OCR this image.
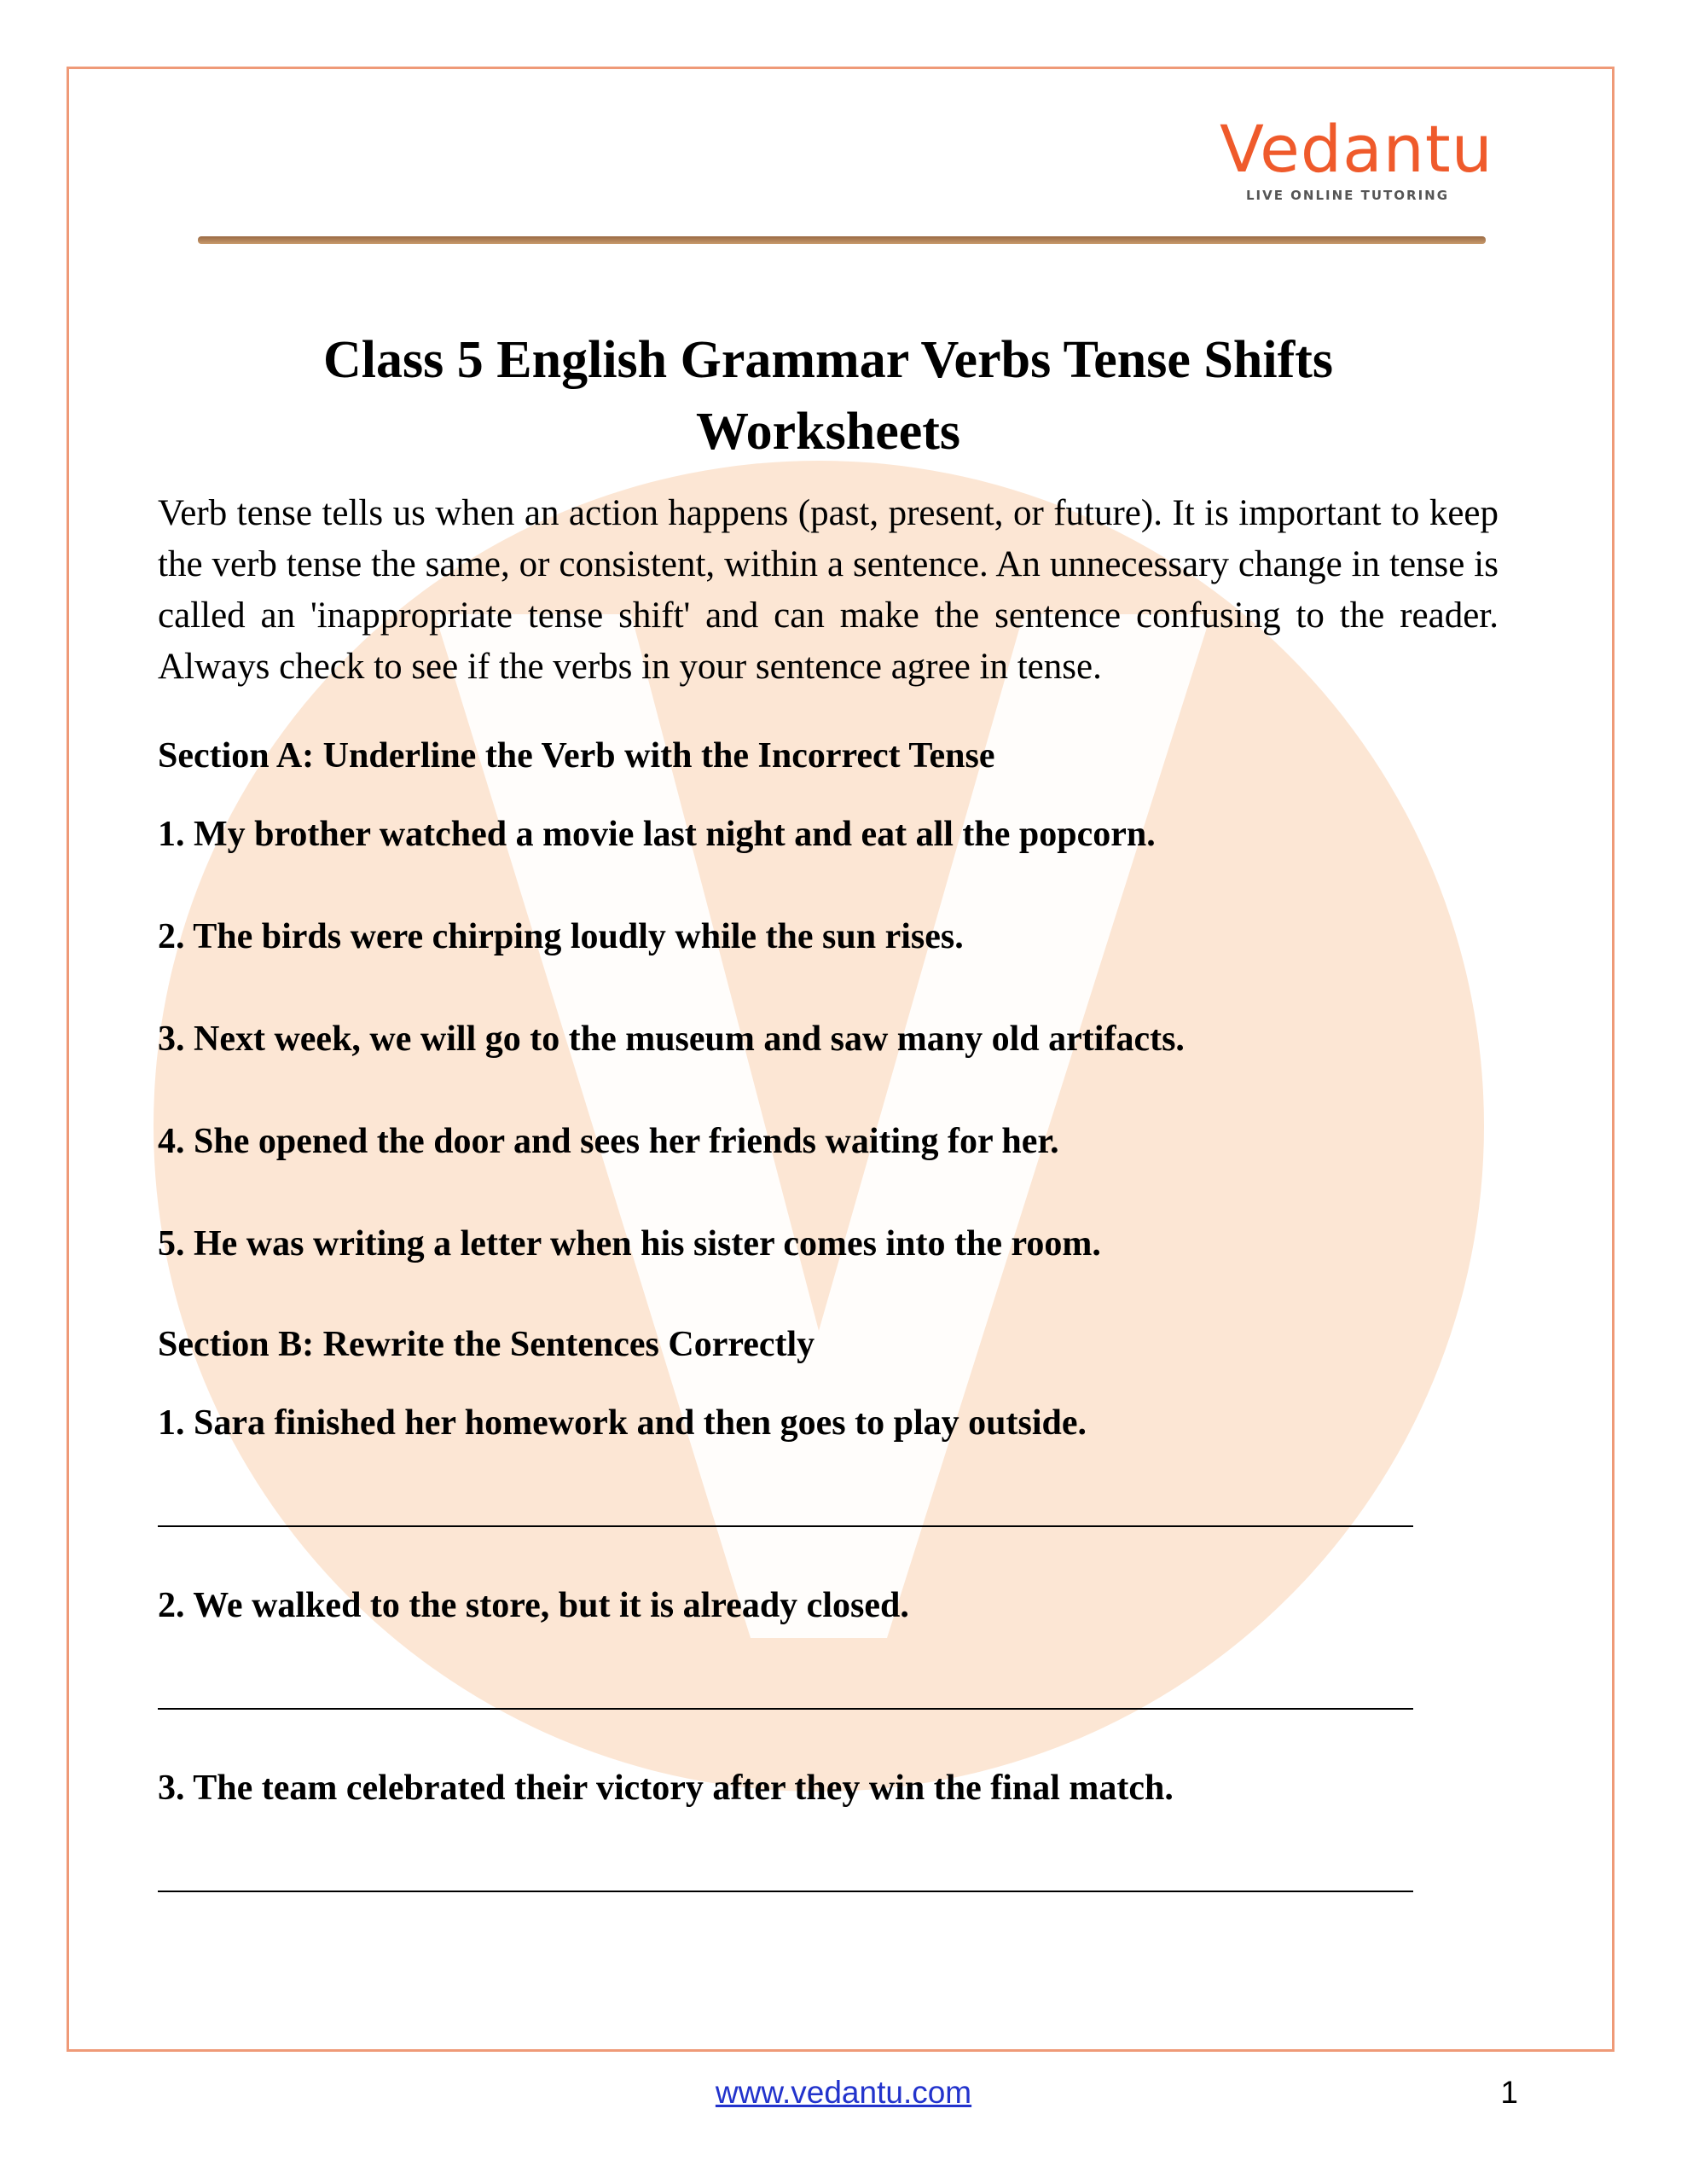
Vedantu
LIVE ONLINE TUTORING
Class 5 English Grammar Verbs Tense Shifts
Worksheets

Verb tense tells us when an action happens (past, present, or future). It is important to keep the verb tense the same, or consistent, within a sentence. An unnecessary change in tense is called an 'inappropriate tense shift' and can make the sentence confusing to the reader. Always check to see if the verbs in your sentence agree in tense.

Section A: Underline the Verb with the Incorrect Tense

1. My brother watched a movie last night and eat all the popcorn.

2. The birds were chirping loudly while the sun rises.

3. Next week, we will go to the museum and saw many old artifacts.

4. She opened the door and sees her friends waiting for her.

5. He was writing a letter when his sister comes into the room.

Section B: Rewrite the Sentences Correctly

1. Sara finished her homework and then goes to play outside.

2. We walked to the store, but it is already closed.

3. The team celebrated their victory after they win the final match.

www.vedantu.com	1
